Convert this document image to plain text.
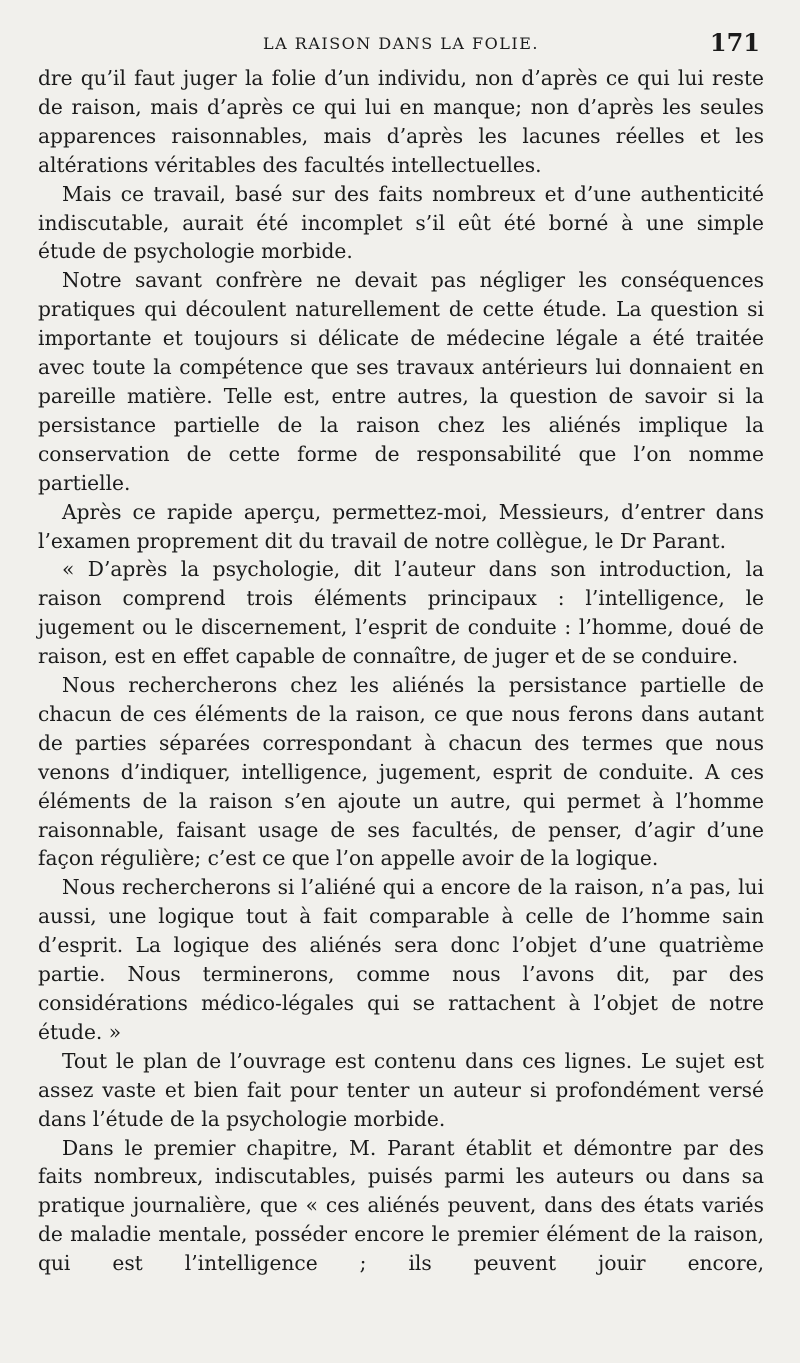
LA RAISON DANS LA FOLIE.	171

dre qu’il faut juger la folie d’un individu, non d’après ce qui lui reste de raison, mais d’après ce qui lui en manque; non d’après les seules apparences raisonnables, mais d’après les lacunes réelles et les altérations véritables des facultés intellectuelles.

Mais ce travail, basé sur des faits nombreux et d’une authenticité indiscutable, aurait été incomplet s’il eût été borné à une simple étude de psychologie morbide.

Notre savant confrère ne devait pas négliger les conséquences pratiques qui découlent naturellement de cette étude. La question si importante et toujours si délicate de médecine légale a été traitée avec toute la compétence que ses travaux antérieurs lui donnaient en pareille matière. Telle est, entre autres, la question de savoir si la persistance partielle de la raison chez les aliénés implique la conservation de cette forme de responsabilité que l’on nomme partielle.

Après ce rapide aperçu, permettez-moi, Messieurs, d’entrer dans l’examen proprement dit du travail de notre collègue, le Dr Parant.

« D’après la psychologie, dit l’auteur dans son introduction, la raison comprend trois éléments principaux : l’intelligence, le jugement ou le discernement, l’esprit de conduite : l’homme, doué de raison, est en effet capable de connaître, de juger et de se conduire.

Nous rechercherons chez les aliénés la persistance partielle de chacun de ces éléments de la raison, ce que nous ferons dans autant de parties séparées correspondant à chacun des termes que nous venons d’indiquer, intelligence, jugement, esprit de conduite. A ces éléments de la raison s’en ajoute un autre, qui permet à l’homme raisonnable, faisant usage de ses facultés, de penser, d’agir d’une façon régulière; c’est ce que l’on appelle avoir de la logique.

Nous rechercherons si l’aliéné qui a encore de la raison, n’a pas, lui aussi, une logique tout à fait comparable à celle de l’homme sain d’esprit. La logique des aliénés sera donc l’objet d’une quatrième partie. Nous terminerons, comme nous l’avons dit, par des considérations médico-légales qui se rattachent à l’objet de notre étude. »

Tout le plan de l’ouvrage est contenu dans ces lignes. Le sujet est assez vaste et bien fait pour tenter un auteur si profondément versé dans l’étude de la psychologie morbide.

Dans le premier chapitre, M. Parant établit et démontre par des faits nombreux, indiscutables, puisés parmi les auteurs ou dans sa pratique journalière, que « ces aliénés peuvent, dans des états variés de maladie mentale, posséder encore le premier élément de la raison, qui est l’intelligence ; ils peuvent jouir encore,
